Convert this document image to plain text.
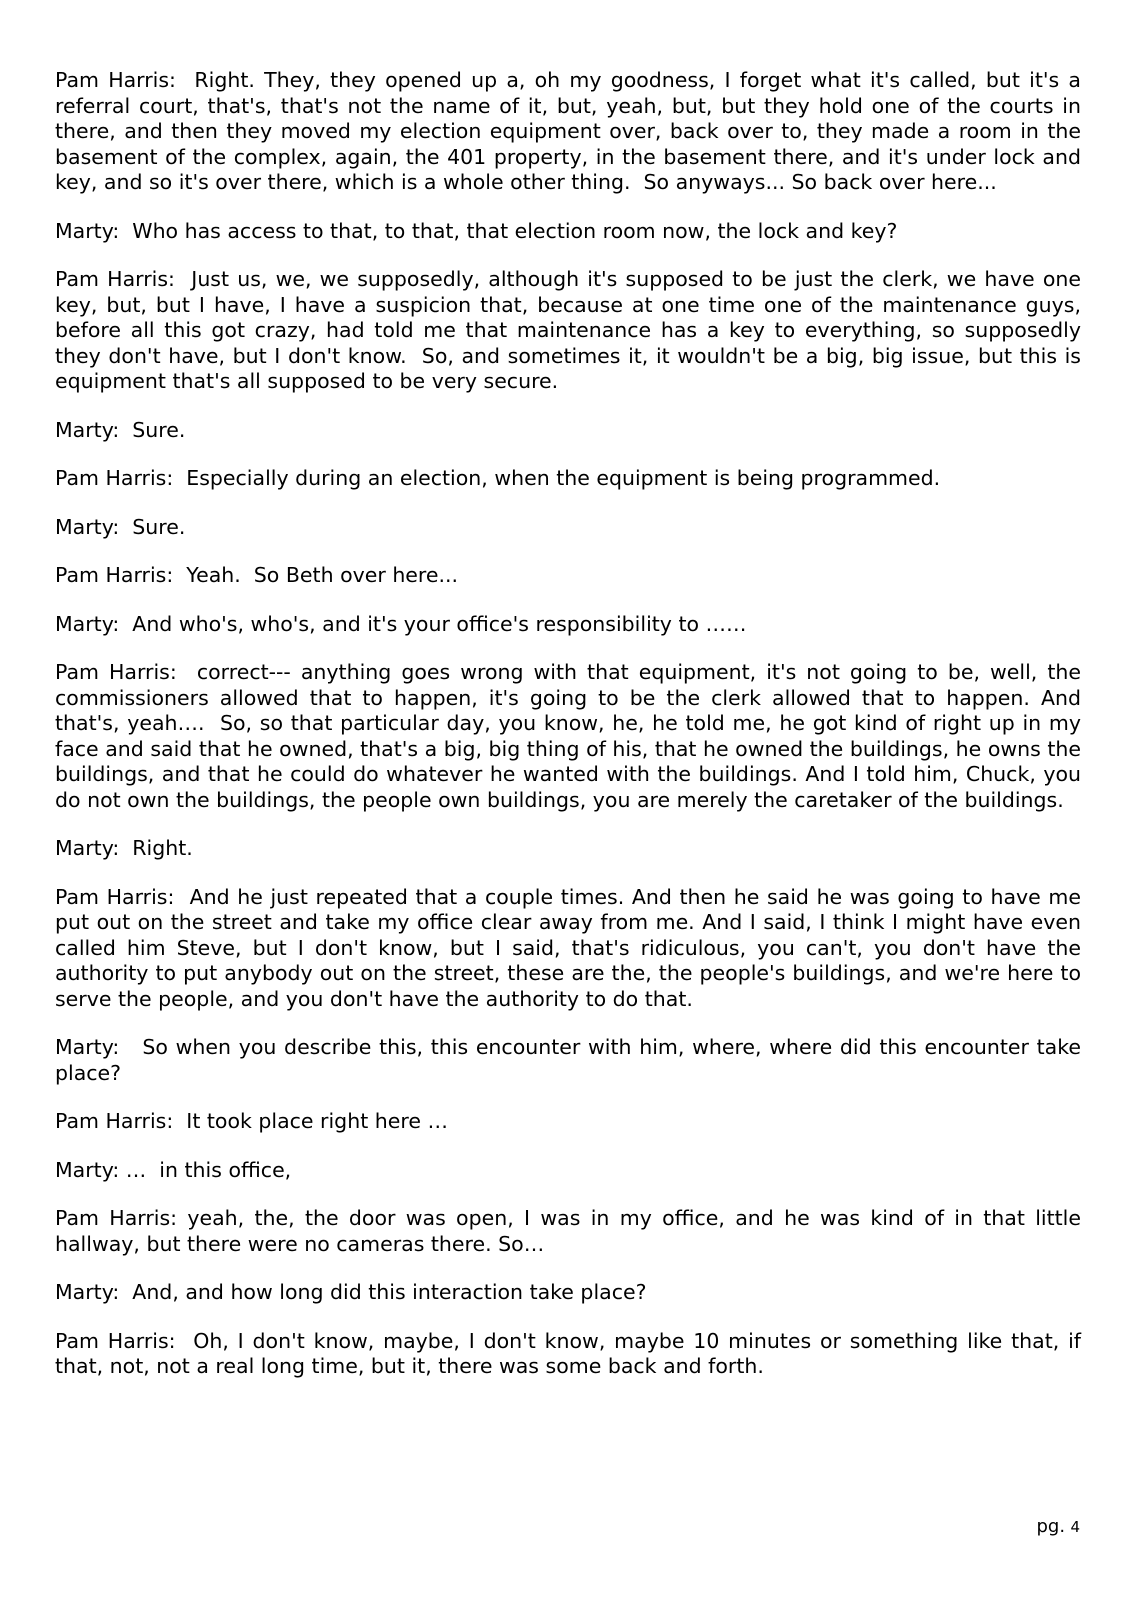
Pam Harris:  Right. They, they opened up a, oh my goodness, I forget what it's called, but it's a referral court, that's, that's not the name of it, but, yeah, but, but they hold one of the courts in there, and then they moved my election equipment over, back over to, they made a room in the basement of the complex, again, the 401 property, in the basement there, and it's under lock and key, and so it's over there, which is a whole other thing.  So anyways... So back over here...

Marty:  Who has access to that, to that, that election room now, the lock and key?

Pam Harris:  Just us, we, we supposedly, although it's supposed to be just the clerk, we have one key, but, but I have, I have a suspicion that, because at one time one of the maintenance guys, before all this got crazy, had told me that maintenance has a key to everything, so supposedly they don't have, but I don't know.  So, and sometimes it, it wouldn't be a big, big issue, but this is equipment that's all supposed to be very secure.

Marty:  Sure.

Pam Harris:  Especially during an election, when the equipment is being programmed.

Marty:  Sure.

Pam Harris:  Yeah.  So Beth over here...

Marty:  And who's, who's, and it's your office's responsibility to ……

Pam Harris:  correct--- anything goes wrong with that equipment, it's not going to be, well, the commissioners allowed that to happen, it's going to be the clerk allowed that to happen. And that's, yeah….  So, so that particular day, you know, he, he told me, he got kind of right up in my face and said that he owned, that's a big, big thing of his, that he owned the buildings, he owns the buildings, and that he could do whatever he wanted with the buildings. And I told him, Chuck, you do not own the buildings, the people own buildings, you are merely the caretaker of the buildings.

Marty:  Right.

Pam Harris:  And he just repeated that a couple times. And then he said he was going to have me put out on the street and take my office clear away from me. And I said, I think I might have even called him Steve, but I don't know, but I said, that's ridiculous, you can't, you don't have the authority to put anybody out on the street, these are the, the people's buildings, and we're here to serve the people, and you don't have the authority to do that.

Marty:   So when you describe this, this encounter with him, where, where did this encounter take place?

Pam Harris:  It took place right here …

Marty: …  in this office,

Pam Harris: yeah, the, the door was open, I was in my office, and he was kind of in that little hallway, but there were no cameras there. So…

Marty:  And, and how long did this interaction take place?

Pam Harris:  Oh, I don't know, maybe, I don't know, maybe 10 minutes or something like that, if that, not, not a real long time, but it, there was some back and forth.

pg. 4
